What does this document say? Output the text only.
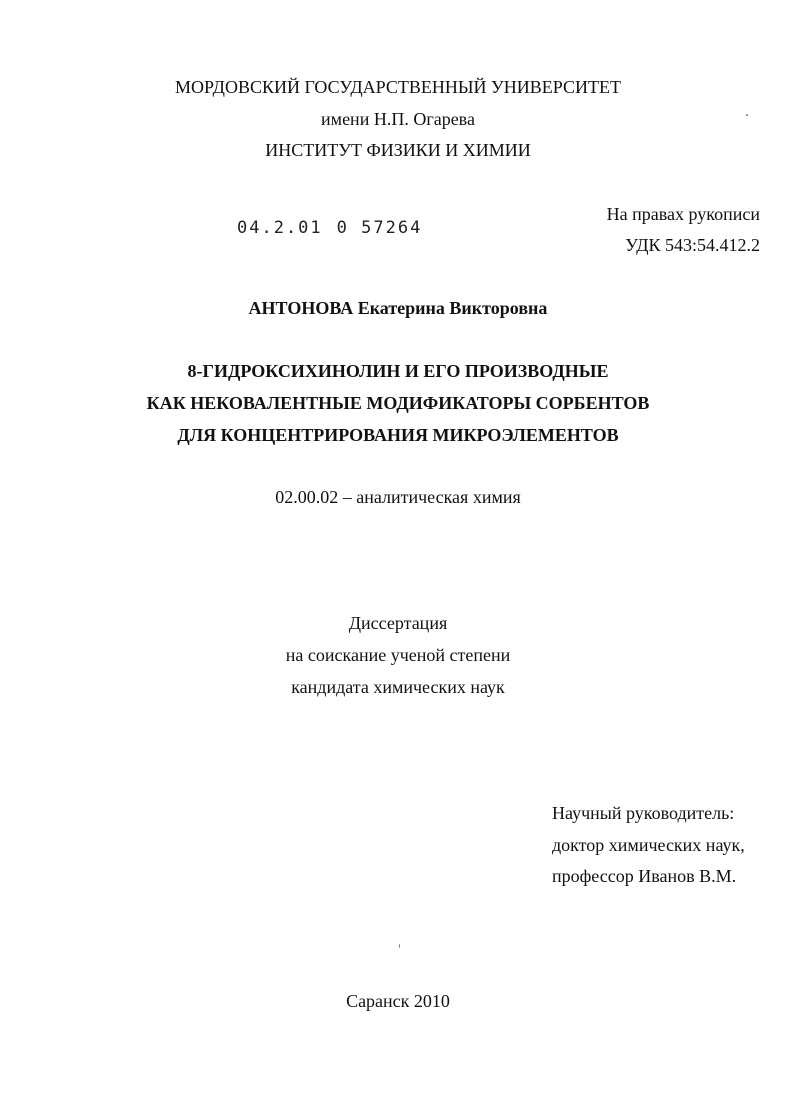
МОРДОВСКИЙ ГОСУДАРСТВЕННЫЙ УНИВЕРСИТЕТ
имени Н.П. Огарева
ИНСТИТУТ ФИЗИКИ И ХИМИИ
04.2.01 0 57264
На правах рукописи
УДК 543:54.412.2
АНТОНОВА Екатерина Викторовна
8-ГИДРОКСИХИНОЛИН И ЕГО ПРОИЗВОДНЫЕ
КАК НЕКОВАЛЕНТНЫЕ МОДИФИКАТОРЫ СОРБЕНТОВ
ДЛЯ КОНЦЕНТРИРОВАНИЯ МИКРОЭЛЕМЕНТОВ
02.00.02 – аналитическая химия
Диссертация
на соискание ученой степени
кандидата химических наук
Научный руководитель:
доктор химических наук,
профессор Иванов В.М.
Саранск 2010
